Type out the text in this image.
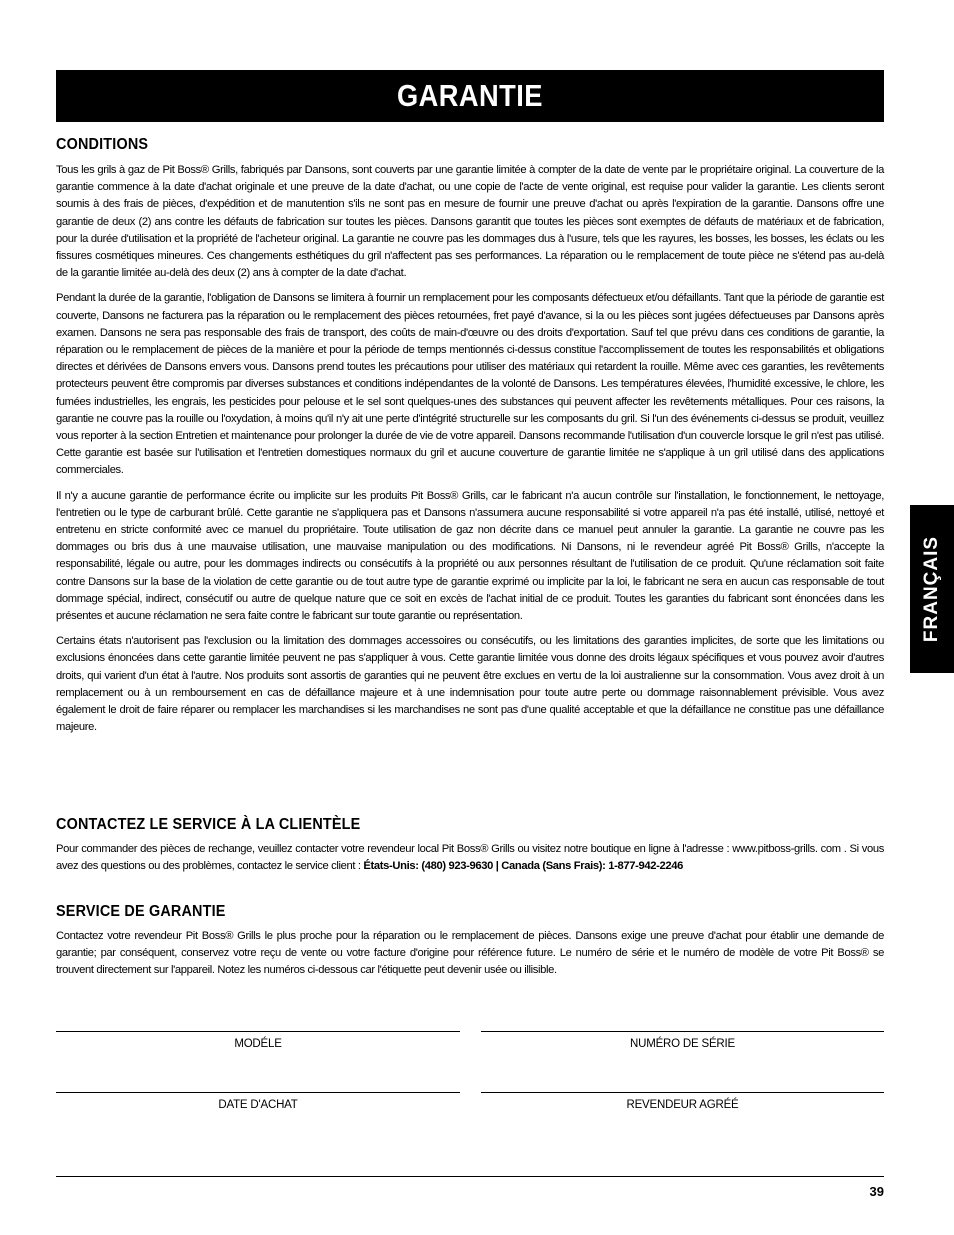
GARANTIE
FRANÇAIS
CONDITIONS

Tous les grils à gaz de Pit Boss® Grills, fabriqués par Dansons, sont couverts par une garantie limitée à compter de la date de vente par le propriétaire original. La couverture de la garantie commence à la date d'achat originale et une preuve de la date d'achat, ou une copie de l'acte de vente original, est requise pour valider la garantie. Les clients seront soumis à des frais de pièces, d'expédition et de manutention s'ils ne sont pas en mesure de fournir une preuve d'achat ou après l'expiration de la garantie. Dansons offre une garantie de deux (2) ans contre les défauts de fabrication sur toutes les pièces. Dansons garantit que toutes les pièces sont exemptes de défauts de matériaux et de fabrication, pour la durée d'utilisation et la propriété de l'acheteur original. La garantie ne couvre pas les dommages dus à l'usure, tels que les rayures, les bosses, les bosses, les éclats ou les fissures cosmétiques mineures. Ces changements esthétiques du gril n'affectent pas ses performances. La réparation ou le remplacement de toute pièce ne s'étend pas au-delà de la garantie limitée au-delà des deux (2) ans à compter de la date d'achat.

Pendant la durée de la garantie, l'obligation de Dansons se limitera à fournir un remplacement pour les composants défectueux et/ou défaillants. Tant que la période de garantie est couverte, Dansons ne facturera pas la réparation ou le remplacement des pièces retournées, fret payé d'avance, si la ou les pièces sont jugées défectueuses par Dansons après examen. Dansons ne sera pas responsable des frais de transport, des coûts de main-d'œuvre ou des droits d'exportation. Sauf tel que prévu dans ces conditions de garantie, la réparation ou le remplacement de pièces de la manière et pour la période de temps mentionnés ci-dessus constitue l'accomplissement de toutes les responsabilités et obligations directes et dérivées de Dansons envers vous. Dansons prend toutes les précautions pour utiliser des matériaux qui retardent la rouille. Même avec ces garanties, les revêtements protecteurs peuvent être compromis par diverses substances et conditions indépendantes de la volonté de Dansons. Les températures élevées, l'humidité excessive, le chlore, les fumées industrielles, les engrais, les pesticides pour pelouse et le sel sont quelques-unes des substances qui peuvent affecter les revêtements métalliques. Pour ces raisons, la garantie ne couvre pas la rouille ou l'oxydation, à moins qu'il n'y ait une perte d'intégrité structurelle sur les composants du gril. Si l'un des événements ci-dessus se produit, veuillez vous reporter à la section Entretien et maintenance pour prolonger la durée de vie de votre appareil. Dansons recommande l'utilisation d'un couvercle lorsque le gril n'est pas utilisé. Cette garantie est basée sur l'utilisation et l'entretien domestiques normaux du gril et aucune couverture de garantie limitée ne s'applique à un gril utilisé dans des applications commerciales.

Il n'y a aucune garantie de performance écrite ou implicite sur les produits Pit Boss® Grills, car le fabricant n'a aucun contrôle sur l'installation, le fonctionnement, le nettoyage, l'entretien ou le type de carburant brûlé. Cette garantie ne s'appliquera pas et Dansons n'assumera aucune responsabilité si votre appareil n'a pas été installé, utilisé, nettoyé et entretenu en stricte conformité avec ce manuel du propriétaire. Toute utilisation de gaz non décrite dans ce manuel peut annuler la garantie. La garantie ne couvre pas les dommages ou bris dus à une mauvaise utilisation, une mauvaise manipulation ou des modifications. Ni Dansons, ni le revendeur agréé Pit Boss® Grills, n'accepte la responsabilité, légale ou autre, pour les dommages indirects ou consécutifs à la propriété ou aux personnes résultant de l'utilisation de ce produit. Qu'une réclamation soit faite contre Dansons sur la base de la violation de cette garantie ou de tout autre type de garantie exprimé ou implicite par la loi, le fabricant ne sera en aucun cas responsable de tout dommage spécial, indirect, consécutif ou autre de quelque nature que ce soit en excès de l'achat initial de ce produit. Toutes les garanties du fabricant sont énoncées dans les présentes et aucune réclamation ne sera faite contre le fabricant sur toute garantie ou représentation.

Certains états n'autorisent pas l'exclusion ou la limitation des dommages accessoires ou consécutifs, ou les limitations des garanties implicites, de sorte que les limitations ou exclusions énoncées dans cette garantie limitée peuvent ne pas s'appliquer à vous. Cette garantie limitée vous donne des droits légaux spécifiques et vous pouvez avoir d'autres droits, qui varient d'un état à l'autre. Nos produits sont assortis de garanties qui ne peuvent être exclues en vertu de la loi australienne sur la consommation. Vous avez droit à un remplacement ou à un remboursement en cas de défaillance majeure et à une indemnisation pour toute autre perte ou dommage raisonnablement prévisible. Vous avez également le droit de faire réparer ou remplacer les marchandises si les marchandises ne sont pas d'une qualité acceptable et que la défaillance ne constitue pas une défaillance majeure.

CONTACTEZ LE SERVICE À LA CLIENTÈLE

Pour commander des pièces de rechange, veuillez contacter votre revendeur local Pit Boss® Grills ou visitez notre boutique en ligne à l'adresse : www.pitboss-grills. com . Si vous avez des questions ou des problèmes, contactez le service client : États-Unis: (480) 923-9630 | Canada (Sans Frais): 1-877-942-2246

SERVICE DE GARANTIE

Contactez votre revendeur Pit Boss® Grills le plus proche pour la réparation ou le remplacement de pièces. Dansons exige une preuve d'achat pour établir une demande de garantie; par conséquent, conservez votre reçu de vente ou votre facture d'origine pour référence future. Le numéro de série et le numéro de modèle de votre Pit Boss® se trouvent directement sur l'appareil. Notez les numéros ci-dessous car l'étiquette peut devenir usée ou illisible.

MODÉLE	NUMÉRO DE SÉRIE
DATE D'ACHAT	REVENDEUR AGRÉÉ
39
